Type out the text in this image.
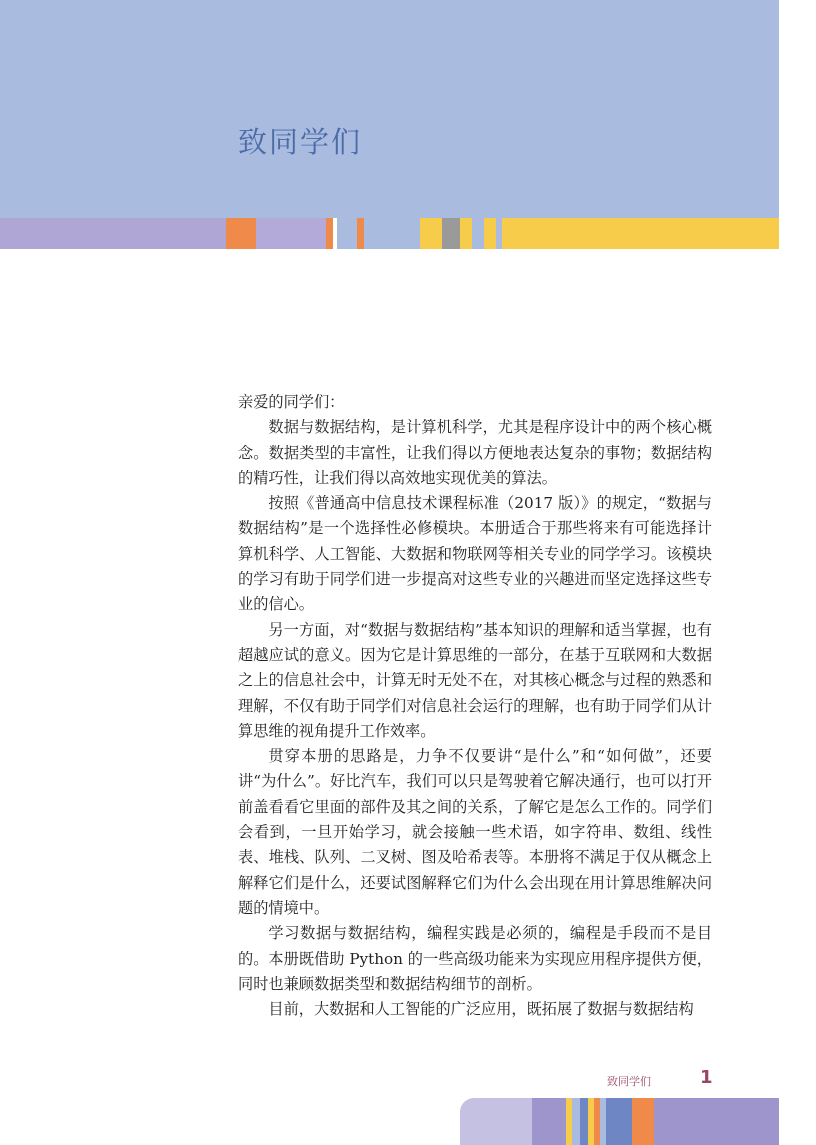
致同学们

亲爱的同学们：

数据与数据结构，是计算机科学，尤其是程序设计中的两个核心概念。数据类型的丰富性，让我们得以方便地表达复杂的事物；数据结构的精巧性，让我们得以高效地实现优美的算法。

按照《普通高中信息技术课程标准（2017 版）》的规定，“数据与数据结构”是一个选择性必修模块。本册适合于那些将来有可能选择计算机科学、人工智能、大数据和物联网等相关专业的同学学习。该模块的学习有助于同学们进一步提高对这些专业的兴趣进而坚定选择这些专业的信心。

另一方面，对“数据与数据结构”基本知识的理解和适当掌握，也有超越应试的意义。因为它是计算思维的一部分，在基于互联网和大数据之上的信息社会中，计算无时无处不在，对其核心概念与过程的熟悉和理解，不仅有助于同学们对信息社会运行的理解，也有助于同学们从计算思维的视角提升工作效率。

贯穿本册的思路是，力争不仅要讲“是什么”和“如何做”，还要讲“为什么”。好比汽车，我们可以只是驾驶着它解决通行，也可以打开前盖看看它里面的部件及其之间的关系，了解它是怎么工作的。同学们会看到，一旦开始学习，就会接触一些术语，如字符串、数组、线性表、堆栈、队列、二叉树、图及哈希表等。本册将不满足于仅从概念上解释它们是什么，还要试图解释它们为什么会出现在用计算思维解决问题的情境中。

学习数据与数据结构，编程实践是必须的，编程是手段而不是目的。本册既借助 Python 的一些高级功能来为实现应用程序提供方便，同时也兼顾数据类型和数据结构细节的剖析。

目前，大数据和人工智能的广泛应用，既拓展了数据与数据结构

致同学们	1
